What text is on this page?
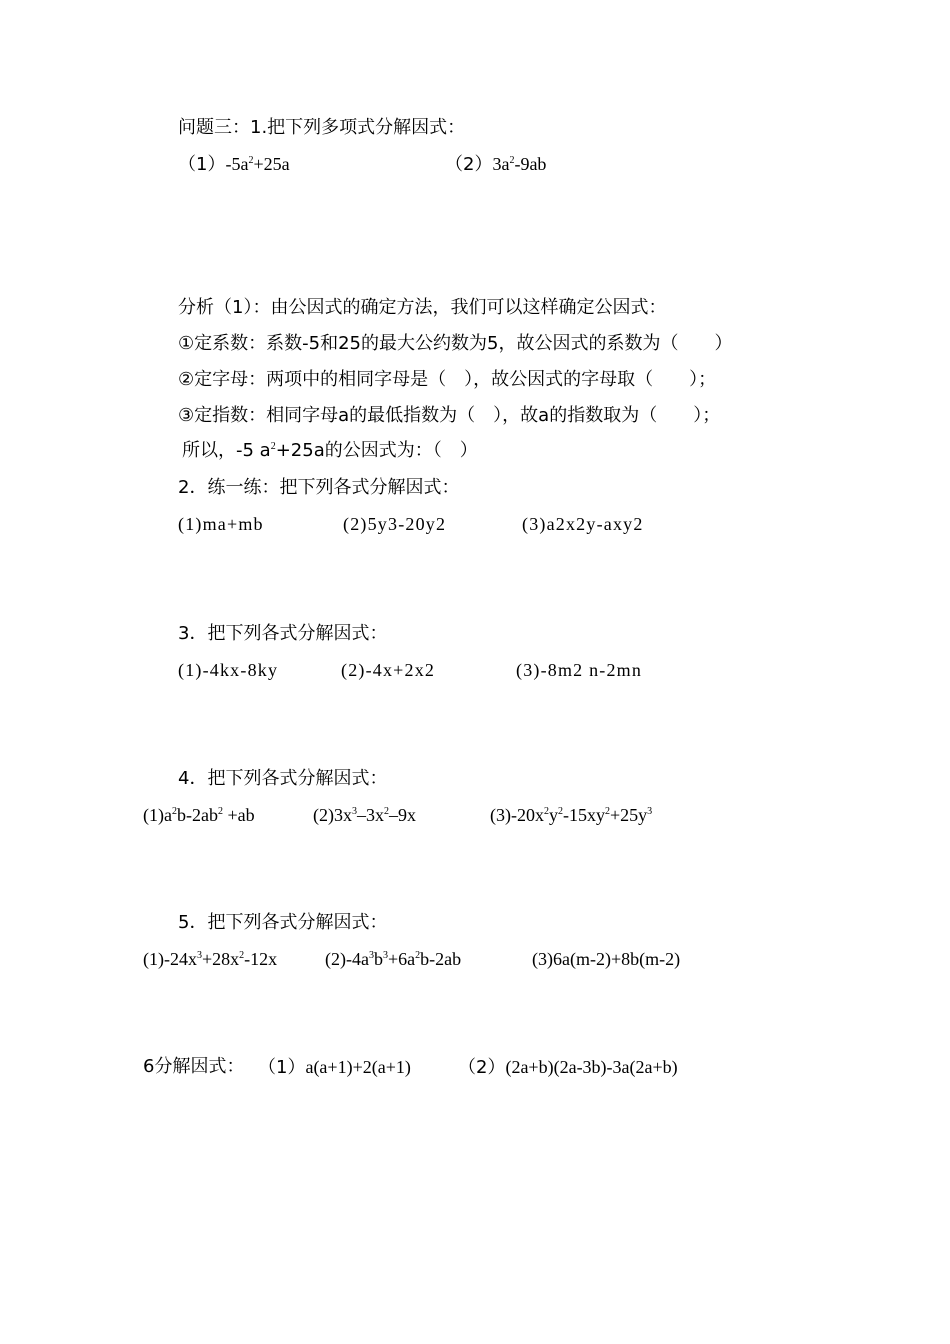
问题三：1.把下列多项式分解因式：
$(1)-5a^2+25a$	$(2)3a^2-9ab$
分析（1）：由公因式的确定方法，我们可以这样确定公因式：
①定系数：系数-5和25的最大公约数为5，故公因式的系数为（　　）
②定字母：两项中的相同字母是（　），故公因式的字母取（　　）；
③定指数：相同字母a的最低指数为（　），故a的指数取为（　　）；
所以，-5 $a^2+25a$的公因式为：（　）
2．练一练：把下列各式分解因式：
(1)ma+mb	(2)5y3-20y2	(3)a2x2y-axy2
3．把下列各式分解因式：
(1)-4kx-8ky	(2)-4x+2x2	(3)-8m2 n-2mn
4．把下列各式分解因式：
$(1)a^2b-2ab^2 +ab$	$(2)3x^3-3x^2-9x$	$(3)-20x^2y^2-15xy^2+25y^3$
5．把下列各式分解因式：
$(1)-24x^3+28x^2-12x$	$(2)-4a^3b^3+6a^2b-2ab$	(3)6a(m-2)+8b(m-2)
6分解因式： （1）a(a+1)+2(a+1)	（2）(2a+b)(2a-3b)-3a(2a+b)
